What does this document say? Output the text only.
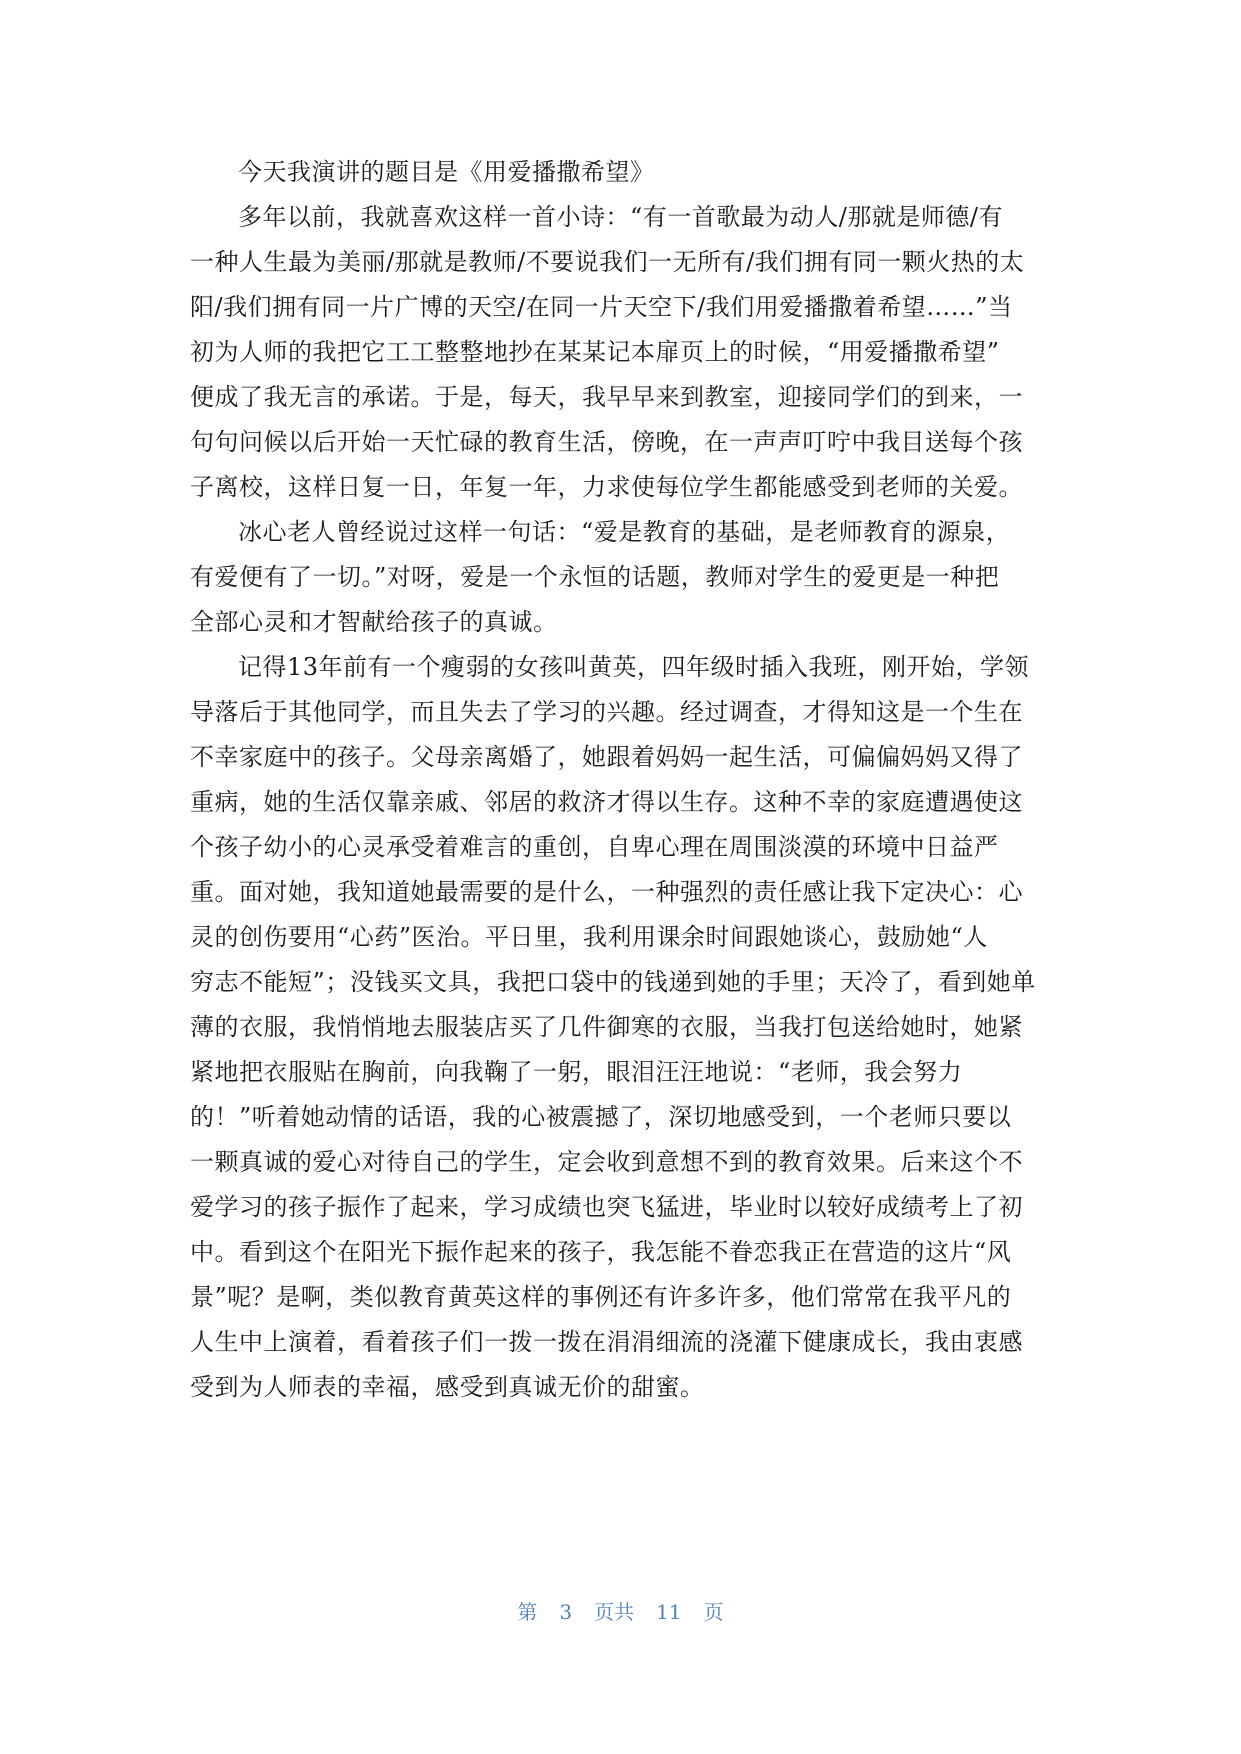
今天我演讲的题目是《用爱播撒希望》
多年以前，我就喜欢这样一首小诗：“有一首歌最为动人/那就是师德/有
一种人生最为美丽/那就是教师/不要说我们一无所有/我们拥有同一颗火热的太
阳/我们拥有同一片广博的天空/在同一片天空下/我们用爱播撒着希望……”当
初为人师的我把它工工整整地抄在某某记本扉页上的时候，“用爱播撒希望”
便成了我无言的承诺。于是，每天，我早早来到教室，迎接同学们的到来，一
句句问候以后开始一天忙碌的教育生活，傍晚，在一声声叮咛中我目送每个孩
子离校，这样日复一日，年复一年，力求使每位学生都能感受到老师的关爱。
冰心老人曾经说过这样一句话：“爱是教育的基础，是老师教育的源泉，
有爱便有了一切。”对呀，爱是一个永恒的话题，教师对学生的爱更是一种把
全部心灵和才智献给孩子的真诚。
记得13年前有一个瘦弱的女孩叫黄英，四年级时插入我班，刚开始，学领
导落后于其他同学，而且失去了学习的兴趣。经过调查，才得知这是一个生在
不幸家庭中的孩子。父母亲离婚了，她跟着妈妈一起生活，可偏偏妈妈又得了
重病，她的生活仅靠亲戚、邻居的救济才得以生存。这种不幸的家庭遭遇使这
个孩子幼小的心灵承受着难言的重创，自卑心理在周围淡漠的环境中日益严
重。面对她，我知道她最需要的是什么，一种强烈的责任感让我下定决心：心
灵的创伤要用“心药”医治。平日里，我利用课余时间跟她谈心，鼓励她“人
穷志不能短”；没钱买文具，我把口袋中的钱递到她的手里；天冷了，看到她单
薄的衣服，我悄悄地去服装店买了几件御寒的衣服，当我打包送给她时，她紧
紧地把衣服贴在胸前，向我鞠了一躬，眼泪汪汪地说：“老师，我会努力
的！”听着她动情的话语，我的心被震撼了，深切地感受到，一个老师只要以
一颗真诚的爱心对待自己的学生，定会收到意想不到的教育效果。后来这个不
爱学习的孩子振作了起来，学习成绩也突飞猛进，毕业时以较好成绩考上了初
中。看到这个在阳光下振作起来的孩子，我怎能不眷恋我正在营造的这片“风
景”呢？是啊，类似教育黄英这样的事例还有许多许多，他们常常在我平凡的
人生中上演着，看着孩子们一拨一拨在涓涓细流的浇灌下健康成长，我由衷感
受到为人师表的幸福，感受到真诚无价的甜蜜。
第 3 页共 11 页
